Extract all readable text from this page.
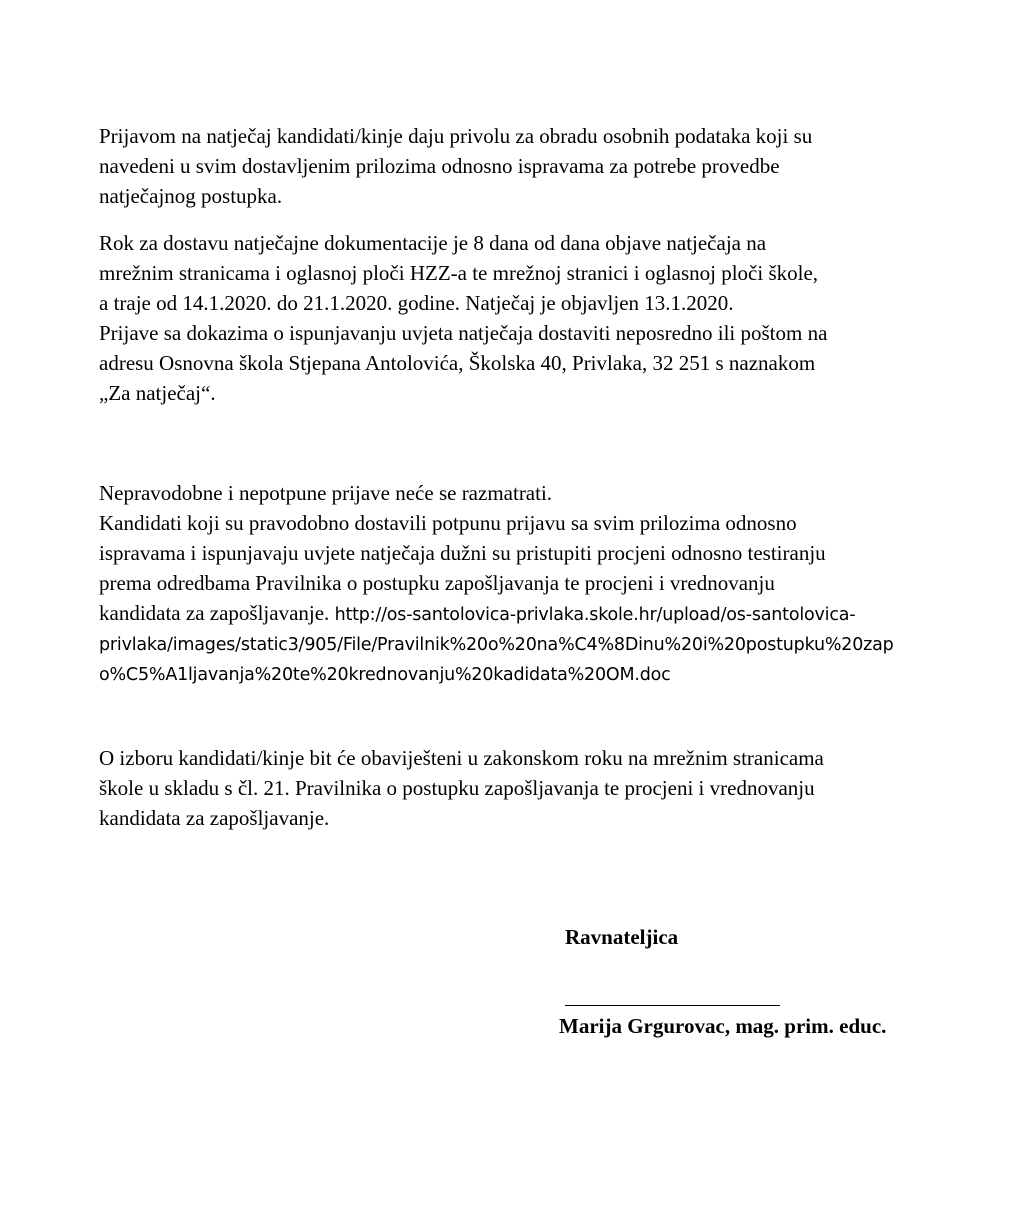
Prijavom na natječaj kandidati/kinje daju privolu za obradu osobnih podataka koji su
navedeni u svim dostavljenim prilozima odnosno ispravama za potrebe provedbe
natječajnog postupka.

Rok za dostavu natječajne dokumentacije je 8 dana od dana objave natječaja na
mrežnim stranicama i oglasnoj ploči HZZ-a te mrežnoj stranici i oglasnoj ploči škole,
a traje od 14.1.2020. do 21.1.2020. godine. Natječaj je objavljen 13.1.2020.
Prijave sa dokazima o ispunjavanju uvjeta natječaja dostaviti neposredno ili poštom na
adresu Osnovna škola Stjepana Antolovića, Školska 40, Privlaka, 32 251 s naznakom
„Za natječaj“.

Nepravodobne i nepotpune prijave neće se razmatrati.
Kandidati koji su pravodobno dostavili potpunu prijavu sa svim prilozima odnosno
ispravama i ispunjavaju uvjete natječaja dužni su pristupiti procjeni odnosno testiranju
prema odredbama Pravilnika o postupku zapošljavanja te procjeni i vrednovanju
kandidata za zapošljavanje. http://os-santolovica-privlaka.skole.hr/upload/os-santolovica-
privlaka/images/static3/905/File/Pravilnik%20o%20na%C4%8Dinu%20i%20postupku%20zap
o%C5%A1ljavanja%20te%20krednovanju%20kadidata%20OM.doc

O izboru kandidati/kinje bit će obaviješteni u zakonskom roku na mrežnim stranicama
škole u skladu s čl. 21. Pravilnika o postupku zapošljavanja te procjeni i vrednovanju
kandidata za zapošljavanje.

Ravnateljica
Marija Grgurovac, mag. prim. educ.
